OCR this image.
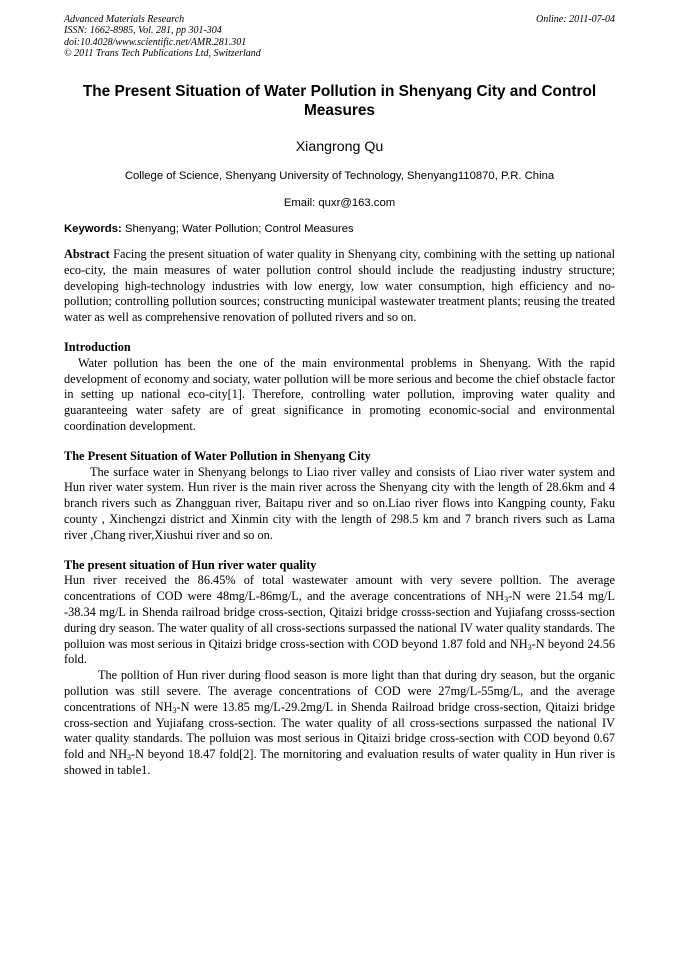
Advanced Materials Research
ISSN: 1662-8985, Vol. 281, pp 301-304
doi:10.4028/www.scientific.net/AMR.281.301
© 2011 Trans Tech Publications Ltd, Switzerland
Online: 2011-07-04
The Present Situation of Water Pollution in Shenyang City and Control Measures
Xiangrong Qu
College of Science, Shenyang University of Technology, Shenyang110870, P.R. China
Email: quxr@163.com
Keywords: Shenyang; Water Pollution; Control Measures

Abstract Facing the present situation of water quality in Shenyang city, combining with the setting up national eco-city, the main measures of water pollution control should include the readjusting industry structure; developing high-technology industries with low energy, low water consumption, high efficiency and no-pollution; controlling pollution sources; constructing municipal wastewater treatment plants; reusing the treated water as well as comprehensive renovation of polluted rivers and so on.

Introduction

Water pollution has been the one of the main environmental problems in Shenyang. With the rapid development of economy and sociaty, water pollution will be more serious and become the chief obstacle factor in setting up national eco-city[1]. Therefore, controlling water pollution, improving water quality and guaranteeing water safety are of great significance in promoting economic-social and environmental coordination development.

The Present Situation of Water Pollution in Shenyang City

The surface water in Shenyang belongs to Liao river valley and consists of Liao river water system and Hun river water system. Hun river is the main river across the Shenyang city with the length of 28.6km and 4 branch rivers such as Zhangguan river, Baitapu river and so on.Liao river flows into Kangping county, Faku county , Xinchengzi district and Xinmin city with the length of 298.5 km and 7 branch rivers such as Lama river ,Chang river,Xiushui river and so on.

The present situation of Hun river water quality

Hun river received the 86.45% of total wastewater amount with very severe polltion. The average concentrations of COD were 48mg/L-86mg/L, and the average concentrations of $NH_3-N$ were 21.54 mg/L -38.34 mg/L in Shenda railroad bridge cross-section, Qitaizi bridge crosss-section and Yujiafang crosss-section during dry season. The water quality of all cross-sections surpassed the national IV water quality standards. The polluion was most serious in Qitaizi bridge cross-section with COD beyond 1.87 fold and $NH_3-N$ beyond 24.56 fold.

The polltion of Hun river during flood season is more light than that during dry season, but the organic pollution was still severe. The average concentrations of COD were 27mg/L-55mg/L, and the average concentrations of $NH_3-N$ were 13.85 mg/L-29.2mg/L in Shenda Railroad bridge cross-section, Qitaizi bridge cross-section and Yujiafang cross-section. The water quality of all cross-sections surpassed the national IV water quality standards. The polluion was most serious in Qitaizi bridge cross-section with COD beyond 0.67 fold and $NH_3-N$ beyond 18.47 fold[2]. The mornitoring and evaluation results of water quality in Hun river is showed in table1.
